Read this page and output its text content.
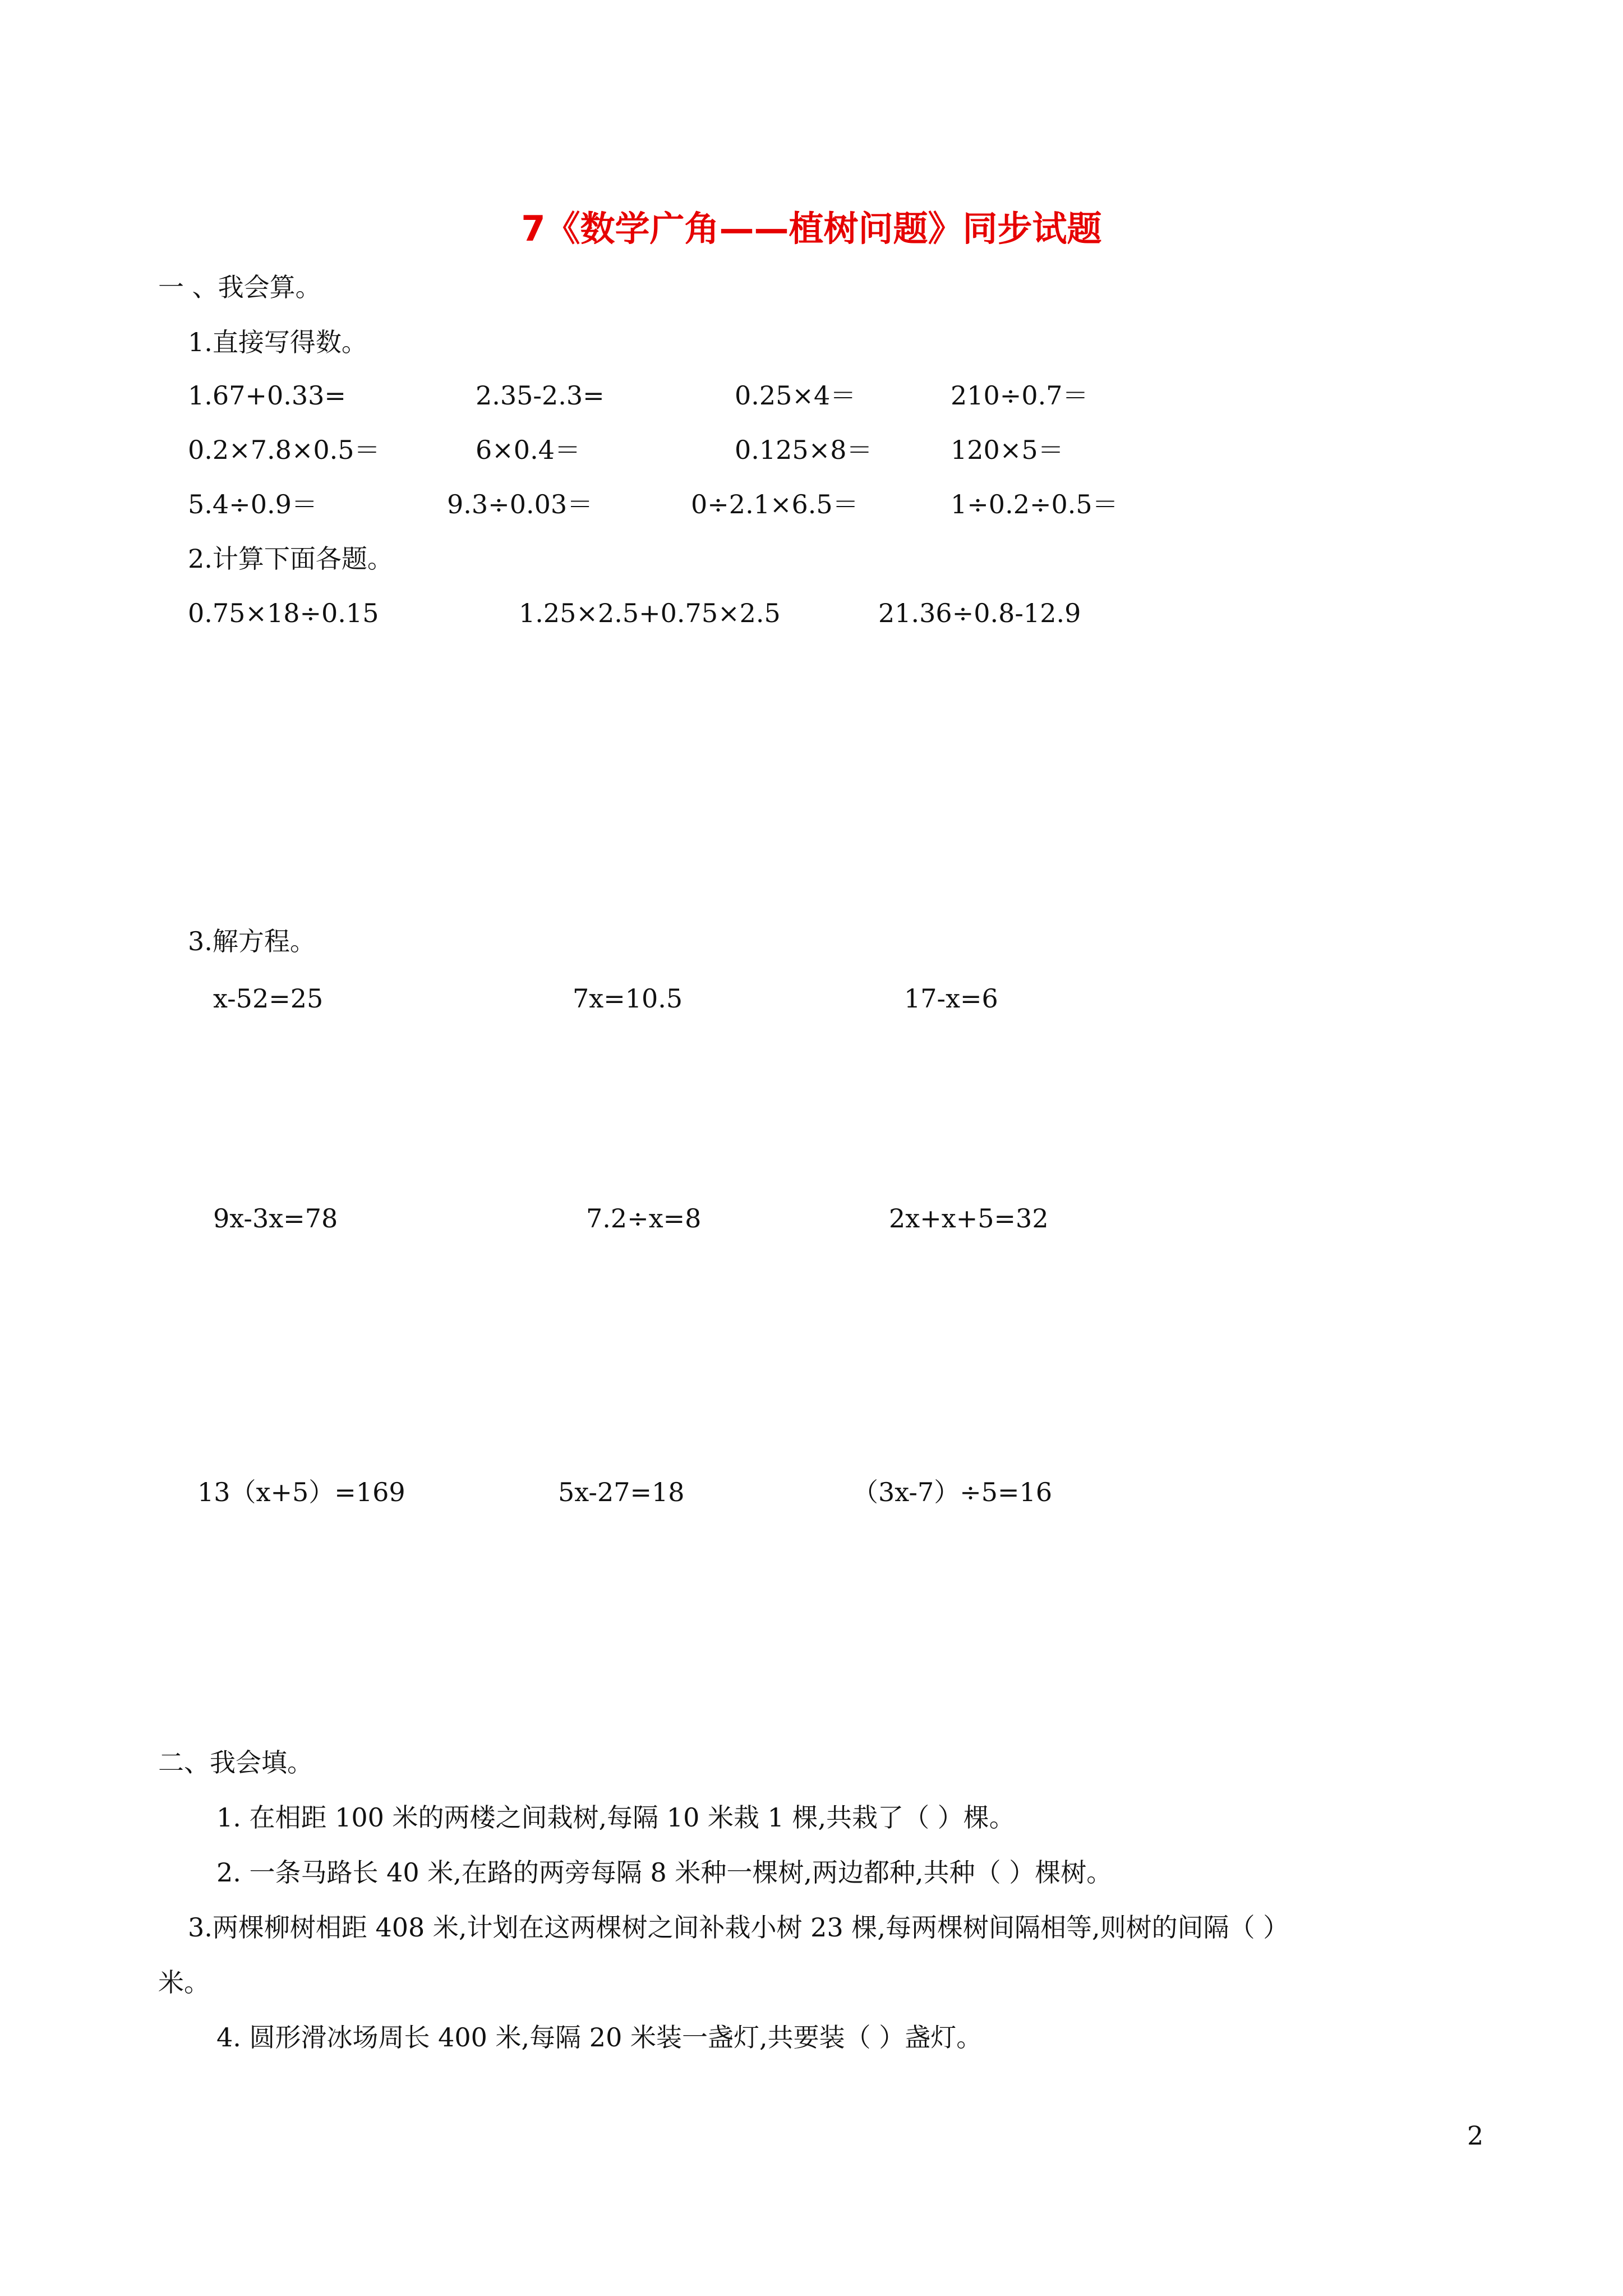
7《数学广角——植树问题》同步试题
一 、我会算。
1.直接写得数。
1.67+0.33=	2.35-2.3=	0.25×4＝	210÷0.7＝
0.2×7.8×0.5＝	6×0.4＝	0.125×8＝	120×5＝
5.4÷0.9＝	9.3÷0.03＝	0÷2.1×6.5＝	1÷0.2÷0.5＝
2.计算下面各题。
0.75×18÷0.15	1.25×2.5+0.75×2.5	21.36÷0.8-12.9
3.解方程。
x-52=25	7x=10.5	17-x=6
9x-3x=78	7.2÷x=8	2x+x+5=32
13（x+5）=169	5x-27=18	（3x-7）÷5=16
二、我会填。
1. 在相距 100 米的两楼之间栽树,每隔 10 米栽 1 棵,共栽了（ ）棵。
2. 一条马路长 40 米,在路的两旁每隔 8 米种一棵树,两边都种,共种（ ）棵树。
3.两棵柳树相距 408 米,计划在这两棵树之间补栽小树 23 棵,每两棵树间隔相等,则树的间隔（ ）
米。
4. 圆形滑冰场周长 400 米,每隔 20 米装一盏灯,共要装（ ）盏灯。
2
